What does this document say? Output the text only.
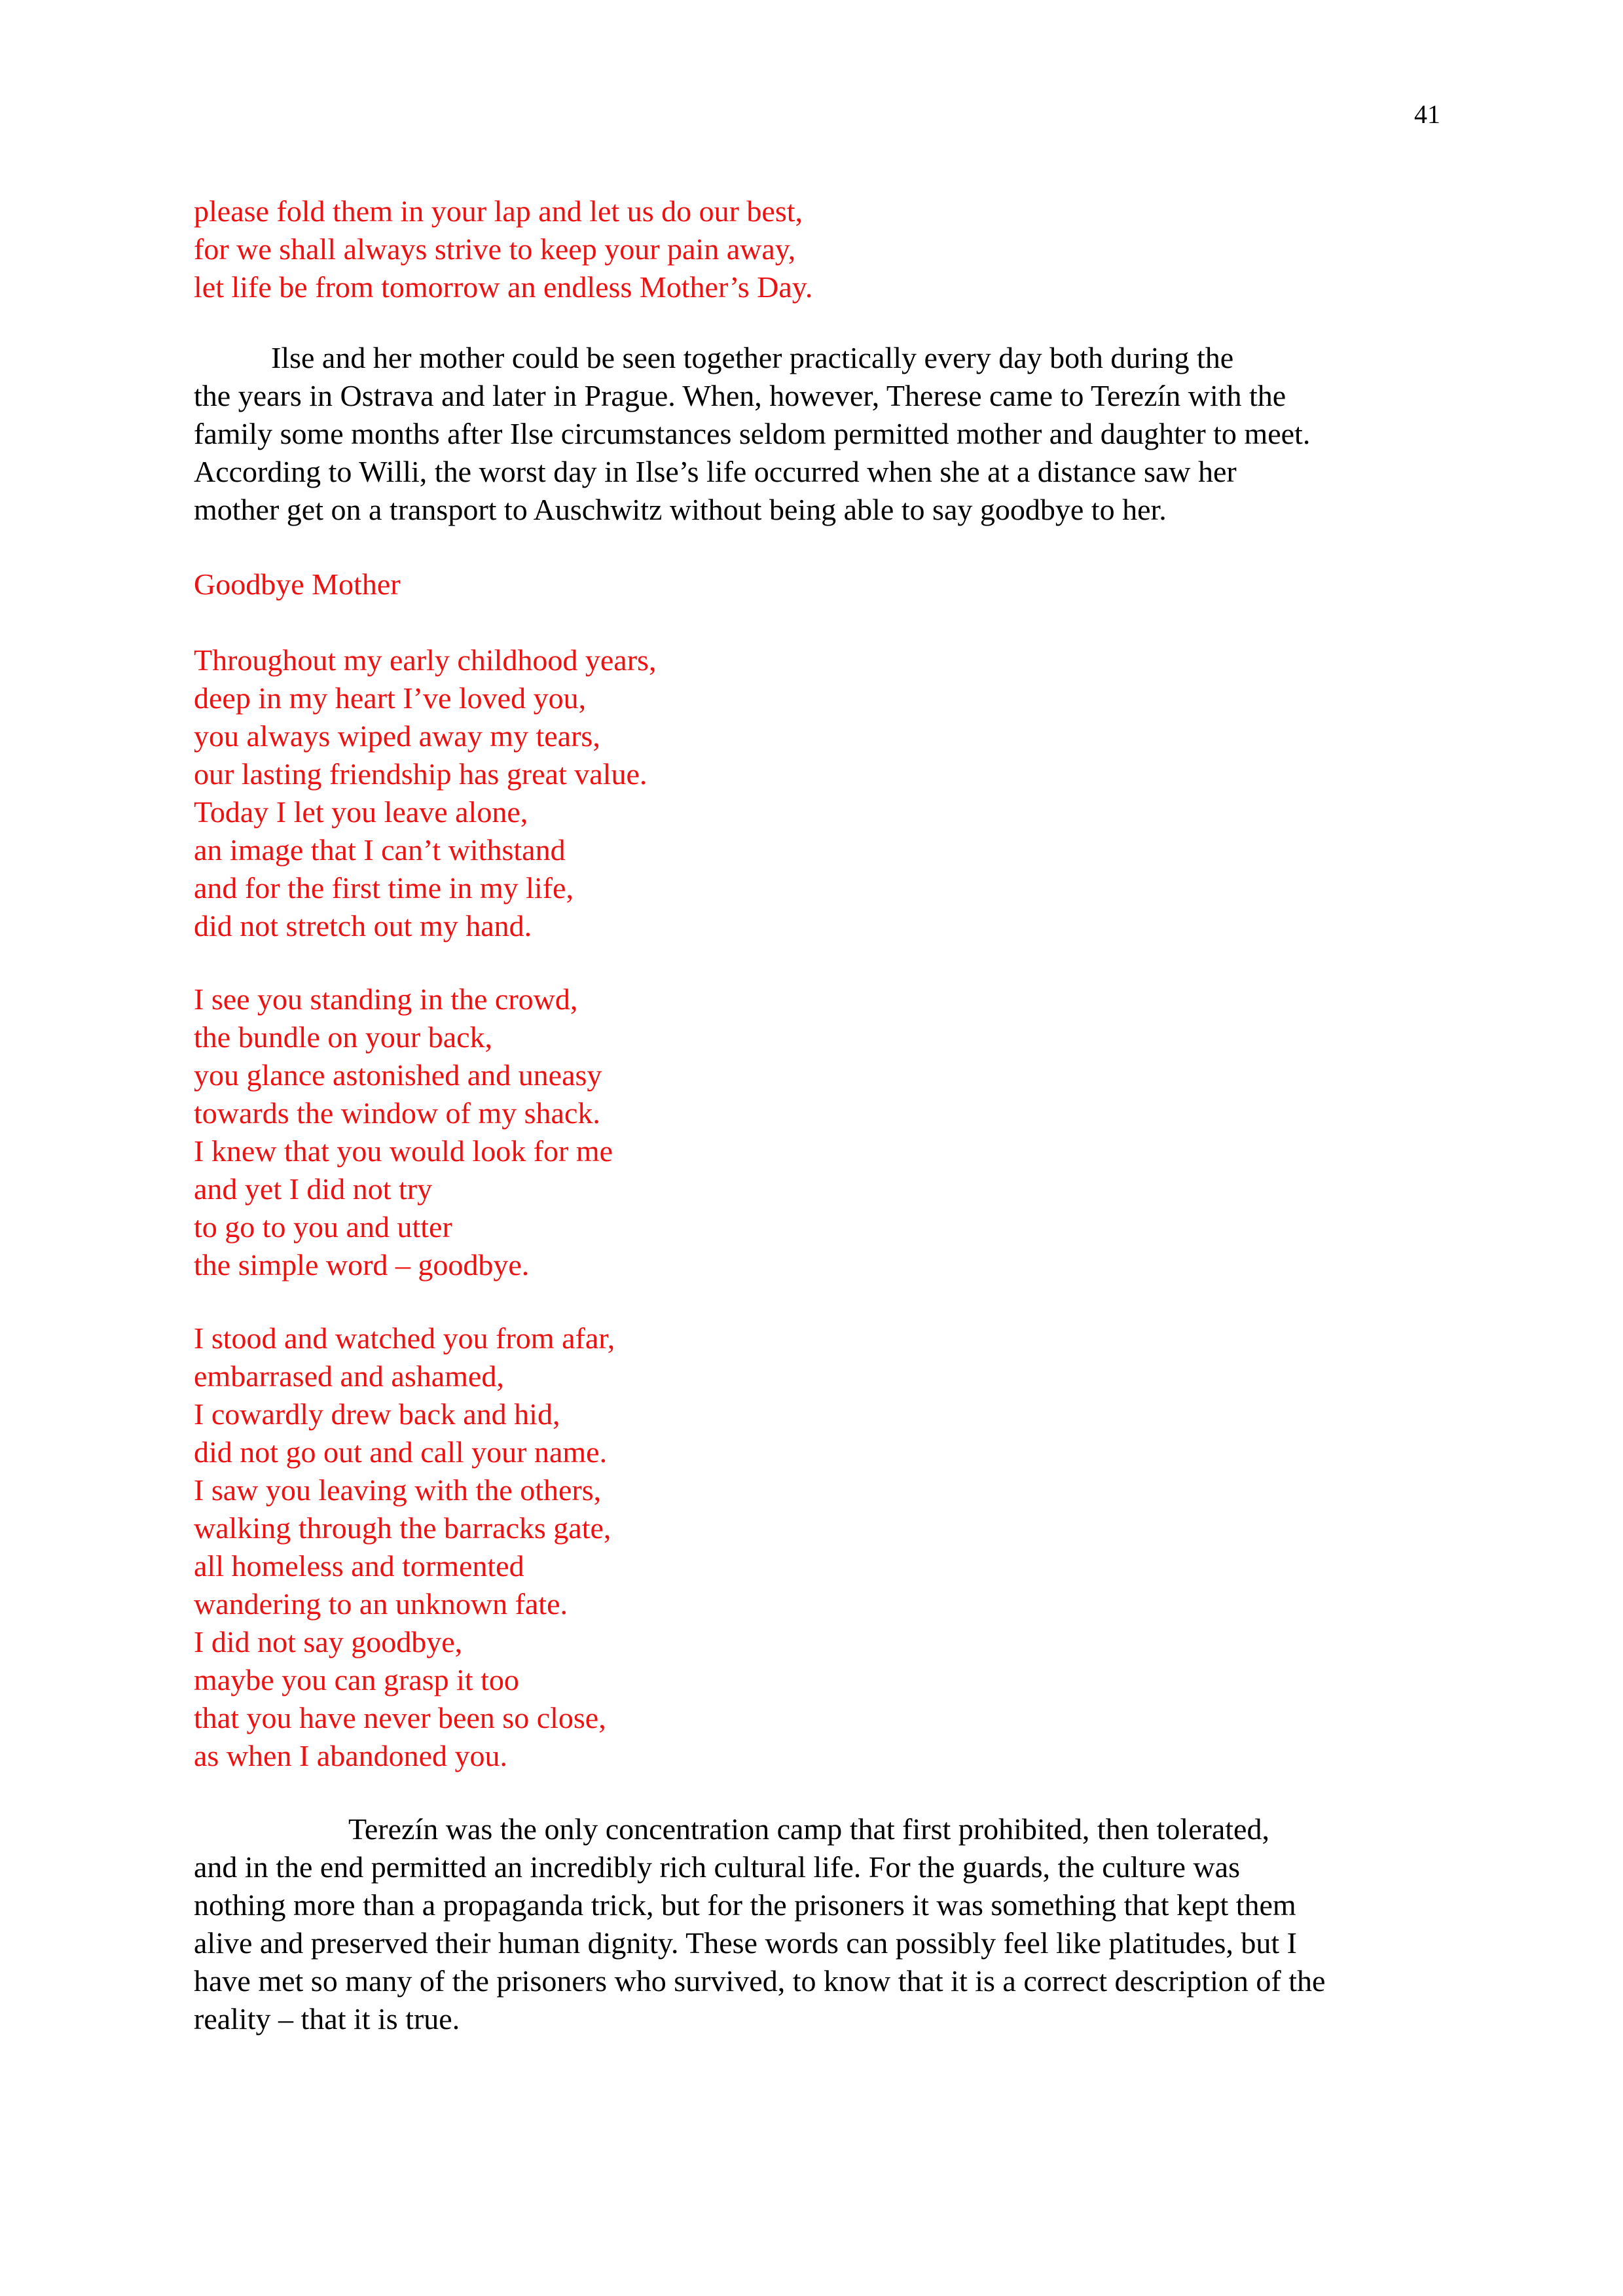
41
please fold them in your lap and let us do our best,
for we shall always strive to keep your pain away,
let life be from tomorrow an endless Mother’s Day.
Ilse and her mother could be seen together practically every day both during the
the years in Ostrava and later in Prague. When, however, Therese came to Terezín with the
family some months after Ilse circumstances seldom permitted mother and daughter to meet.
According to Willi, the worst day in Ilse’s life occurred when she at a distance saw her
mother get on a transport to Auschwitz without being able to say goodbye to her.
Goodbye Mother
Throughout my early childhood years,
deep in my heart I’ve loved you,
you always wiped away my tears,
our lasting friendship has great value.
Today I let you leave alone,
an image that I can’t withstand
and for the first time in my life,
did not stretch out my hand.
I see you standing in the crowd,
the bundle on your back,
you glance astonished and uneasy
towards the window of my shack.
I knew that you would look for me
and yet I did not try
to go to you and utter
the simple word – goodbye.
I stood and watched you from afar,
embarrased and ashamed,
I cowardly drew back and hid,
did not go out and call your name.
I saw you leaving with the others,
walking through the barracks gate,
all homeless and tormented
wandering to an unknown fate.
I did not say goodbye,
maybe you can grasp it too
that you have never been so close,
as when I abandoned you.
Terezín was the only concentration camp that first prohibited, then tolerated,
and in the end permitted an incredibly rich cultural life. For the guards, the culture was
nothing more than a propaganda trick, but for the prisoners it was something that kept them
alive and preserved their human dignity. These words can possibly feel like platitudes, but I
have met so many of the prisoners who survived, to know that it is a correct description of the
reality – that it is true.
